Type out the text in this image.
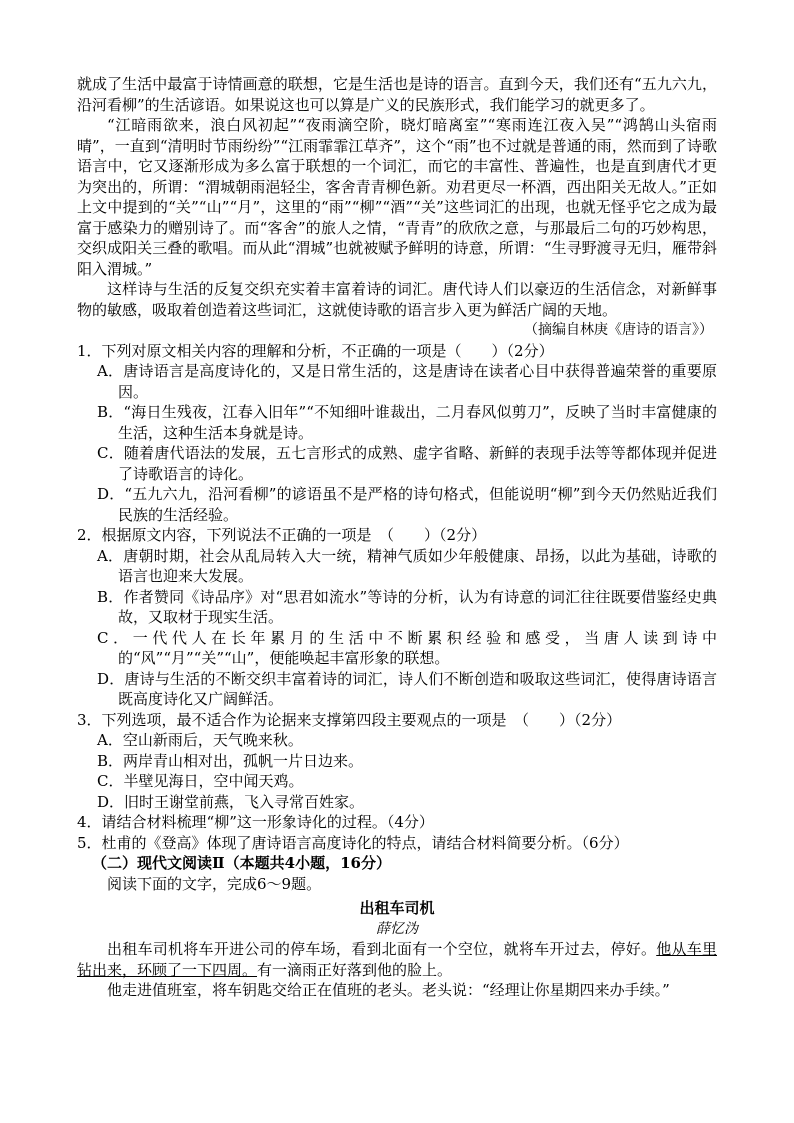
就成了生活中最富于诗情画意的联想，它是生活也是诗的语言。直到今天，我们还有“五九六九，沿河看柳”的生活谚语。如果说这也可以算是广义的民族形式，我们能学习的就更多了。

“江暗雨欲来，浪白风初起”“夜雨滴空阶，晓灯暗离室”“寒雨连江夜入吴”“鸿鹄山头宿雨晴”，一直到“清明时节雨纷纷”“江雨霏霏江草齐”，这个“雨”也不过就是普通的雨，然而到了诗歌语言中，它又逐渐形成为多么富于联想的一个词汇，而它的丰富性、普遍性，也是直到唐代才更为突出的，所谓：“渭城朝雨浥轻尘，客舍青青柳色新。劝君更尽一杯酒，西出阳关无故人。”正如上文中提到的“关”“山”“月”，这里的“雨”“柳”“酒”“关”这些词汇的出现，也就无怪乎它之成为最富于感染力的赠别诗了。而“客舍”的旅人之情，“青青”的欣欣之意，与那最后二句的巧妙构思，交织成阳关三叠的歌唱。而从此“渭城”也就被赋予鲜明的诗意，所谓：“生寻野渡寻无归，雁带斜阳入渭城。”

这样诗与生活的反复交织充实着丰富着诗的词汇。唐代诗人们以豪迈的生活信念，对新鲜事物的敏感，吸取着创造着这些词汇，这就使诗歌的语言步入更为鲜活广阔的天地。

（摘编自林庚《唐诗的语言》）

1．下列对原文相关内容的理解和分析，不正确的一项是（　　）（2分）

A．唐诗语言是高度诗化的，又是日常生活的，这是唐诗在读者心目中获得普遍荣誉的重要原因。

B．“海日生残夜，江春入旧年”“不知细叶谁裁出，二月春风似剪刀”，反映了当时丰富健康的生活，这种生活本身就是诗。

C．随着唐代语法的发展，五七言形式的成熟、虚字省略、新鲜的表现手法等等都体现并促进了诗歌语言的诗化。

D．“五九六九，沿河看柳”的谚语虽不是严格的诗句格式，但能说明“柳”到今天仍然贴近我们民族的生活经验。

2．根据原文内容，下列说法不正确的一项是　（　　）（2分）

A．唐朝时期，社会从乱局转入大一统，精神气质如少年般健康、昂扬，以此为基础，诗歌的语言也迎来大发展。

B．作者赞同《诗品序》对“思君如流水”等诗的分析，认为有诗意的词汇往往既要借鉴经史典故，又取材于现实生活。

C．一代代人在长年累月的生活中不断累积经验和感受，当唐人读到诗中的“风”“月”“关”“山”，便能唤起丰富形象的联想。

D．唐诗与生活的不断交织丰富着诗的词汇，诗人们不断创造和吸取这些词汇，使得唐诗语言既高度诗化又广阔鲜活。

3．下列选项，最不适合作为论据来支撑第四段主要观点的一项是　（　　）（2分）

A．空山新雨后，天气晚来秋。

B．两岸青山相对出，孤帆一片日边来。

C．半壁见海日，空中闻天鸡。

D．旧时王谢堂前燕，飞入寻常百姓家。

4．请结合材料梳理“柳”这一形象诗化的过程。（4分）

5．杜甫的《登高》体现了唐诗语言高度诗化的特点，请结合材料简要分析。（6分）

（二）现代文阅读Ⅱ（本题共4小题，16分）

阅读下面的文字，完成6～9题。

出租车司机

薛忆沩

出租车司机将车开进公司的停车场，看到北面有一个空位，就将车开过去，停好。他从车里钻出来，环顾了一下四周。有一滴雨正好落到他的脸上。

他走进值班室，将车钥匙交给正在值班的老头。老头说：“经理让你星期四来办手续。”
